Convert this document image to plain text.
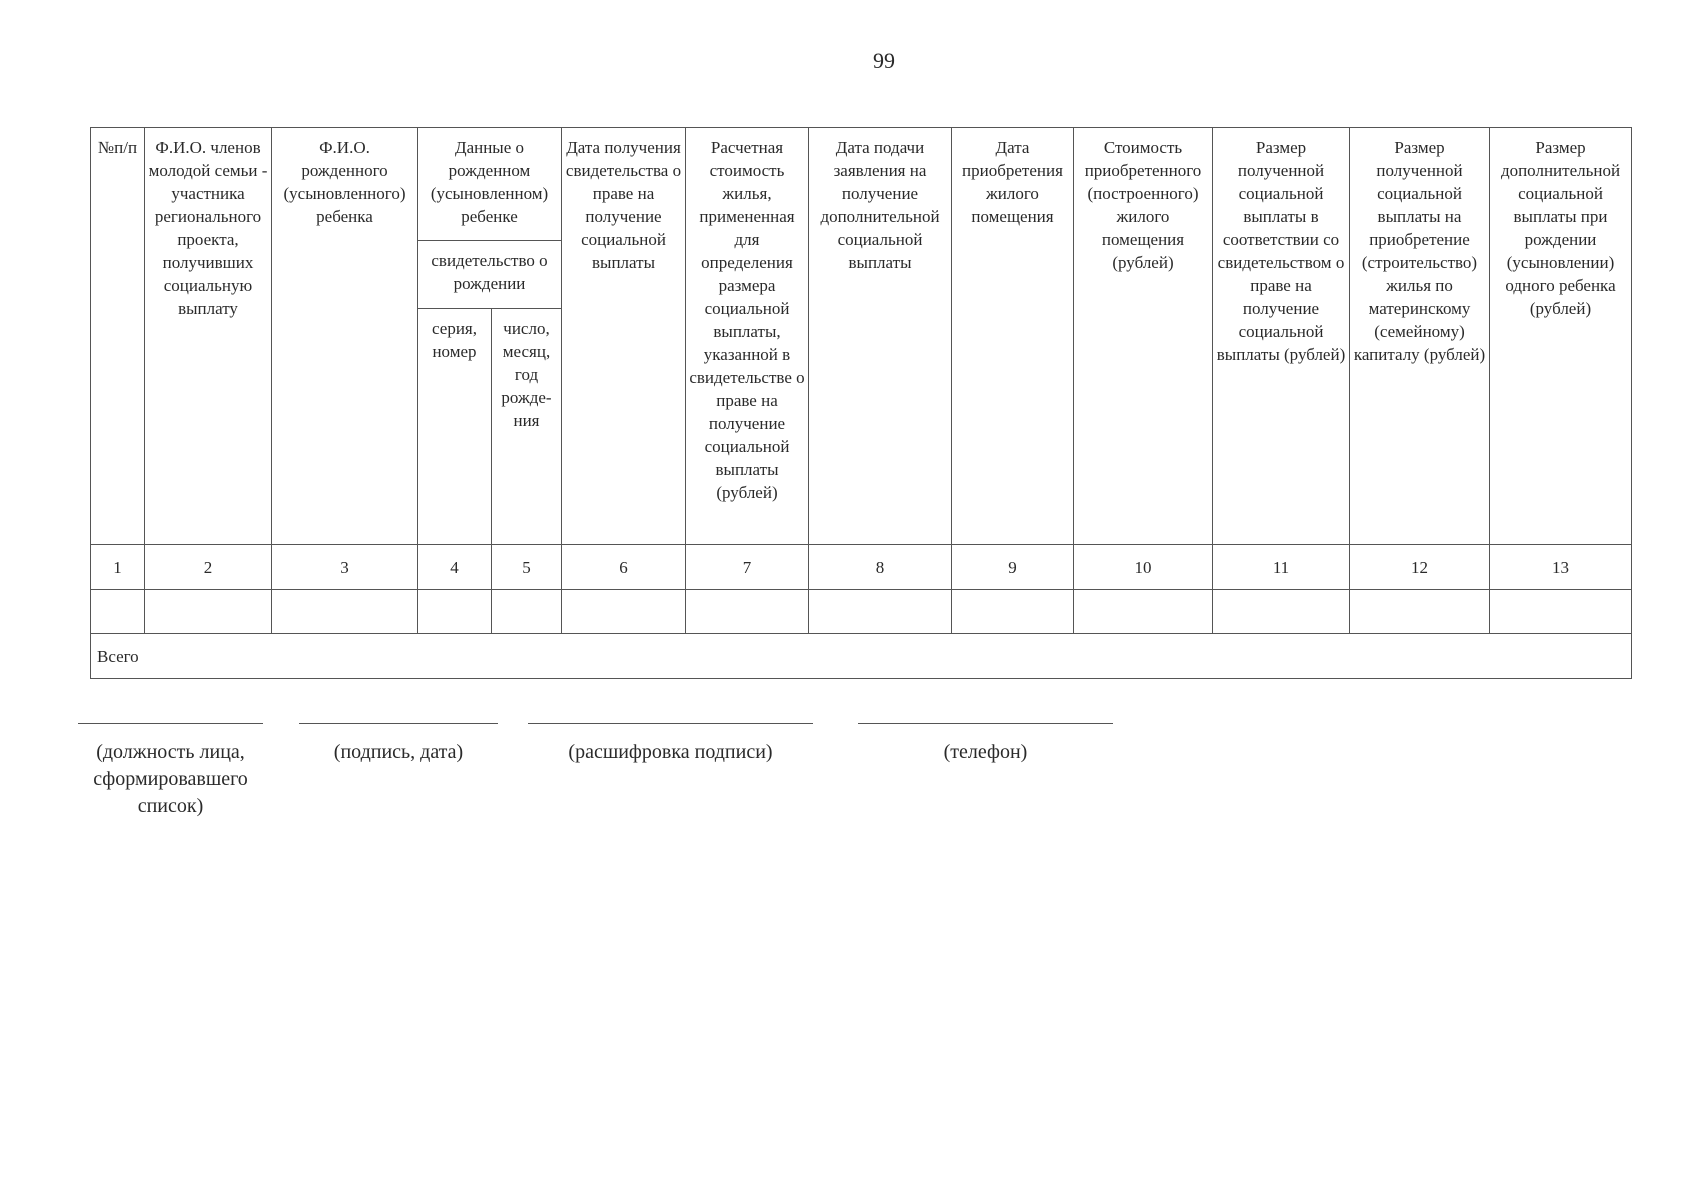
99
№п/п	Ф.И.О. членов молодой семьи - участника регионального проекта, получивших социальную выплату	Ф.И.О. рожденного (усыновленного) ребенка	Данные о рожденном (усыновленном) ребенке		Дата получения свидетельства о праве на получение социальной выплаты	Расчетная стоимость жилья, примененная для определения размера социальной выплаты, указанной в свидетельстве о праве на получение социальной выплаты (рублей)	Дата подачи заявления на получение дополнительной социальной выплаты	Дата приобретения жилого помещения	Стоимость приобретенного (построенного) жилого помещения (рублей)	Размер полученной социальной выплаты в соответствии со свидетельством о праве на получение социальной выплаты (рублей)	Размер полученной социальной выплаты на приобретение (строительство) жилья по материнскому (семейному) капиталу (рублей)	Размер дополнительной социальной выплаты при рождении (усыновлении) одного ребенка (рублей)
			свидетельство о рождении									
			серия, номер	число, месяц, год рожде-ния								
1	2	3	4	5	6	7	8	9	10	11	12	13

Всего												
(должность лица, сформировавшего список)
(подпись, дата)	(расшифровка подписи)	(телефон)
